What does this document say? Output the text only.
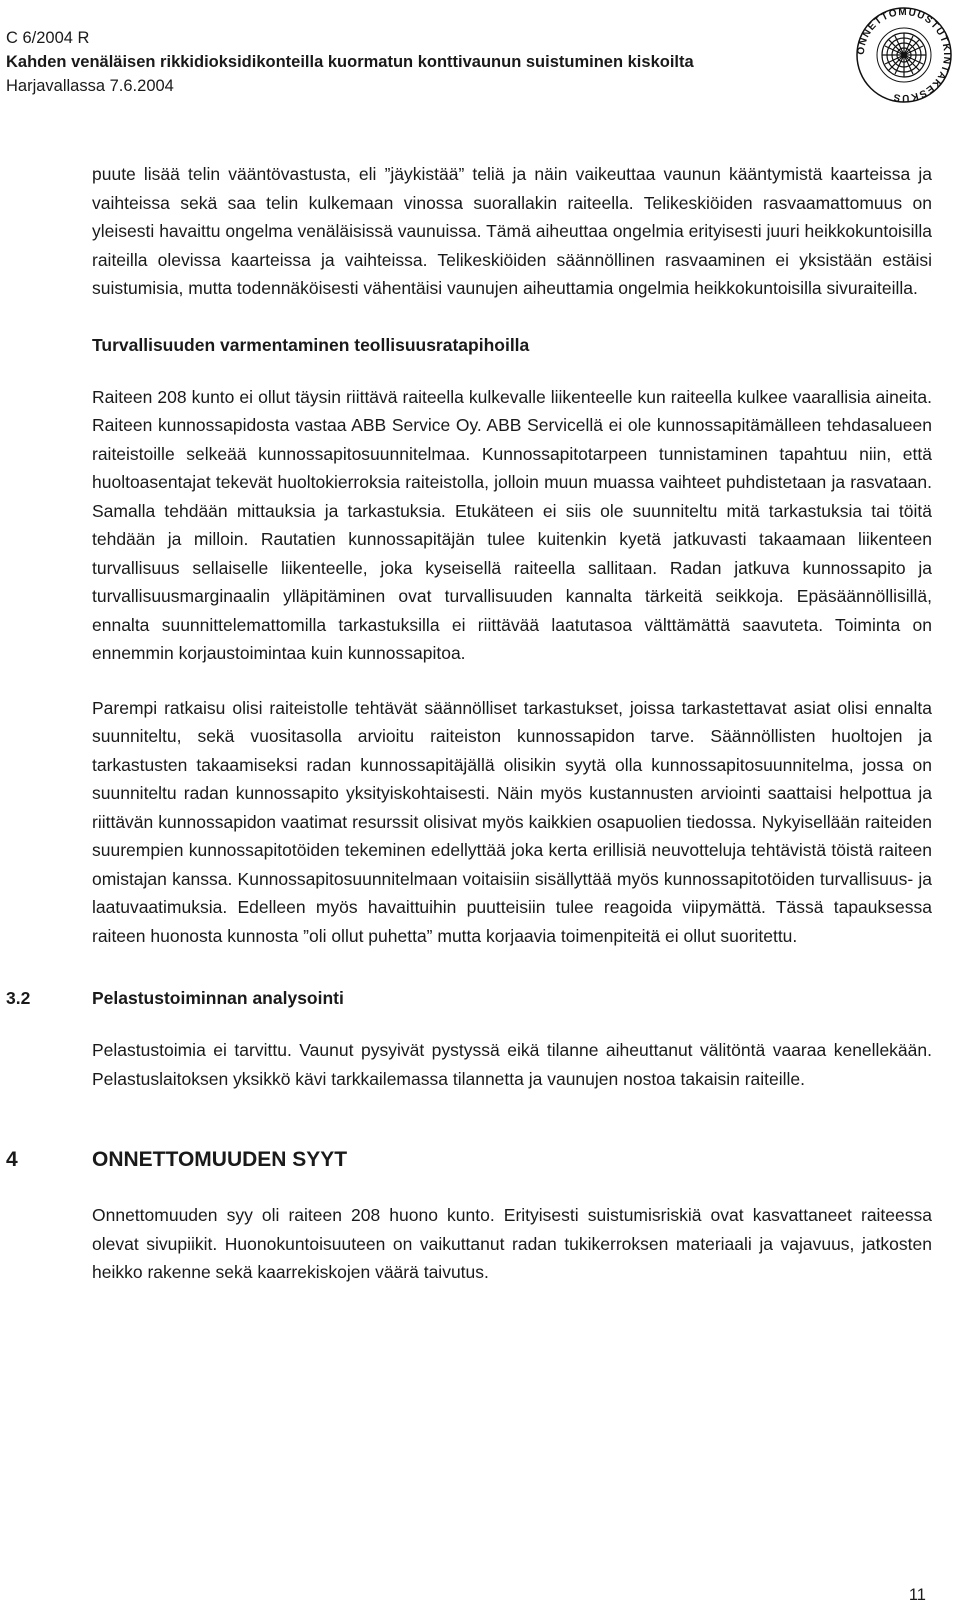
C 6/2004 R
Kahden venäläisen rikkidioksidikonteilla kuormatun konttivaunun suistuminen kiskoilta
Harjavallassa 7.6.2004
ONNETTOMUUSTUTKINTAKESKUS

puute lisää telin vääntövastusta, eli ”jäykistää” teliä ja näin vaikeuttaa vaunun kääntymistä kaarteissa ja vaihteissa sekä saa telin kulkemaan vinossa suorallakin raiteella. Telikeskiöiden rasvaamattomuus on yleisesti havaittu ongelma venäläisissä vaunuissa. Tämä aiheuttaa ongelmia erityisesti juuri heikkokuntoisilla raiteilla olevissa kaarteissa ja vaihteissa. Telikeskiöiden säännöllinen rasvaaminen ei yksistään estäisi suistumisia, mutta todennäköisesti vähentäisi vaunujen aiheuttamia ongelmia heikkokuntoisilla sivuraiteilla.

Turvallisuuden varmentaminen teollisuusratapihoilla

Raiteen 208 kunto ei ollut täysin riittävä raiteella kulkevalle liikenteelle kun raiteella kulkee vaarallisia aineita. Raiteen kunnossapidosta vastaa ABB Service Oy. ABB Servicellä ei ole kunnossapitämälleen tehdasalueen raiteistoille selkeää kunnossapitosuunnitelmaa. Kunnossapitotarpeen tunnistaminen tapahtuu niin, että huoltoasentajat tekevät huoltokierroksia raiteistolla, jolloin muun muassa vaihteet puhdistetaan ja rasvataan. Samalla tehdään mittauksia ja tarkastuksia. Etukäteen ei siis ole suunniteltu mitä tarkastuksia tai töitä tehdään ja milloin. Rautatien kunnossapitäjän tulee kuitenkin kyetä jatkuvasti takaamaan liikenteen turvallisuus sellaiselle liikenteelle, joka kyseisellä raiteella sallitaan. Radan jatkuva kunnossapito ja turvallisuusmarginaalin ylläpitäminen ovat turvallisuuden kannalta tärkeitä seikkoja. Epäsäännöllisillä, ennalta suunnittelemattomilla tarkastuksilla ei riittävää laatutasoa välttämättä saavuteta. Toiminta on ennemmin korjaustoimintaa kuin kunnossapitoa.

Parempi ratkaisu olisi raiteistolle tehtävät säännölliset tarkastukset, joissa tarkastettavat asiat olisi ennalta suunniteltu, sekä vuositasolla arvioitu raiteiston kunnossapidon tarve. Säännöllisten huoltojen ja tarkastusten takaamiseksi radan kunnossapitäjällä olisikin syytä olla kunnossapitosuunnitelma, jossa on suunniteltu radan kunnossapito yksityiskohtaisesti. Näin myös kustannusten arviointi saattaisi helpottua ja riittävän kunnossapidon vaatimat resurssit olisivat myös kaikkien osapuolien tiedossa. Nykyisellään raiteiden suurempien kunnossapitotöiden tekeminen edellyttää joka kerta erillisiä neuvotteluja tehtävistä töistä raiteen omistajan kanssa. Kunnossapitosuunnitelmaan voitaisiin sisällyttää myös kunnossapitotöiden turvallisuus- ja laatuvaatimuksia. Edelleen myös havaittuihin puutteisiin tulee reagoida viipymättä. Tässä tapauksessa raiteen huonosta kunnosta ”oli ollut puhetta” mutta korjaavia toimenpiteitä ei ollut suoritettu.

3.2	Pelastustoiminnan analysointi

Pelastustoimia ei tarvittu. Vaunut pysyivät pystyssä eikä tilanne aiheuttanut välitöntä vaaraa kenellekään. Pelastuslaitoksen yksikkö kävi tarkkailemassa tilannetta ja vaunujen nostoa takaisin raiteille.

4	ONNETTOMUUDEN SYYT

Onnettomuuden syy oli raiteen 208 huono kunto. Erityisesti suistumisriskiä ovat kasvattaneet raiteessa olevat sivupiikit. Huonokuntoisuuteen on vaikuttanut radan tukikerroksen materiaali ja vajavuus, jatkosten heikko rakenne sekä kaarrekiskojen väärä taivutus.

11
